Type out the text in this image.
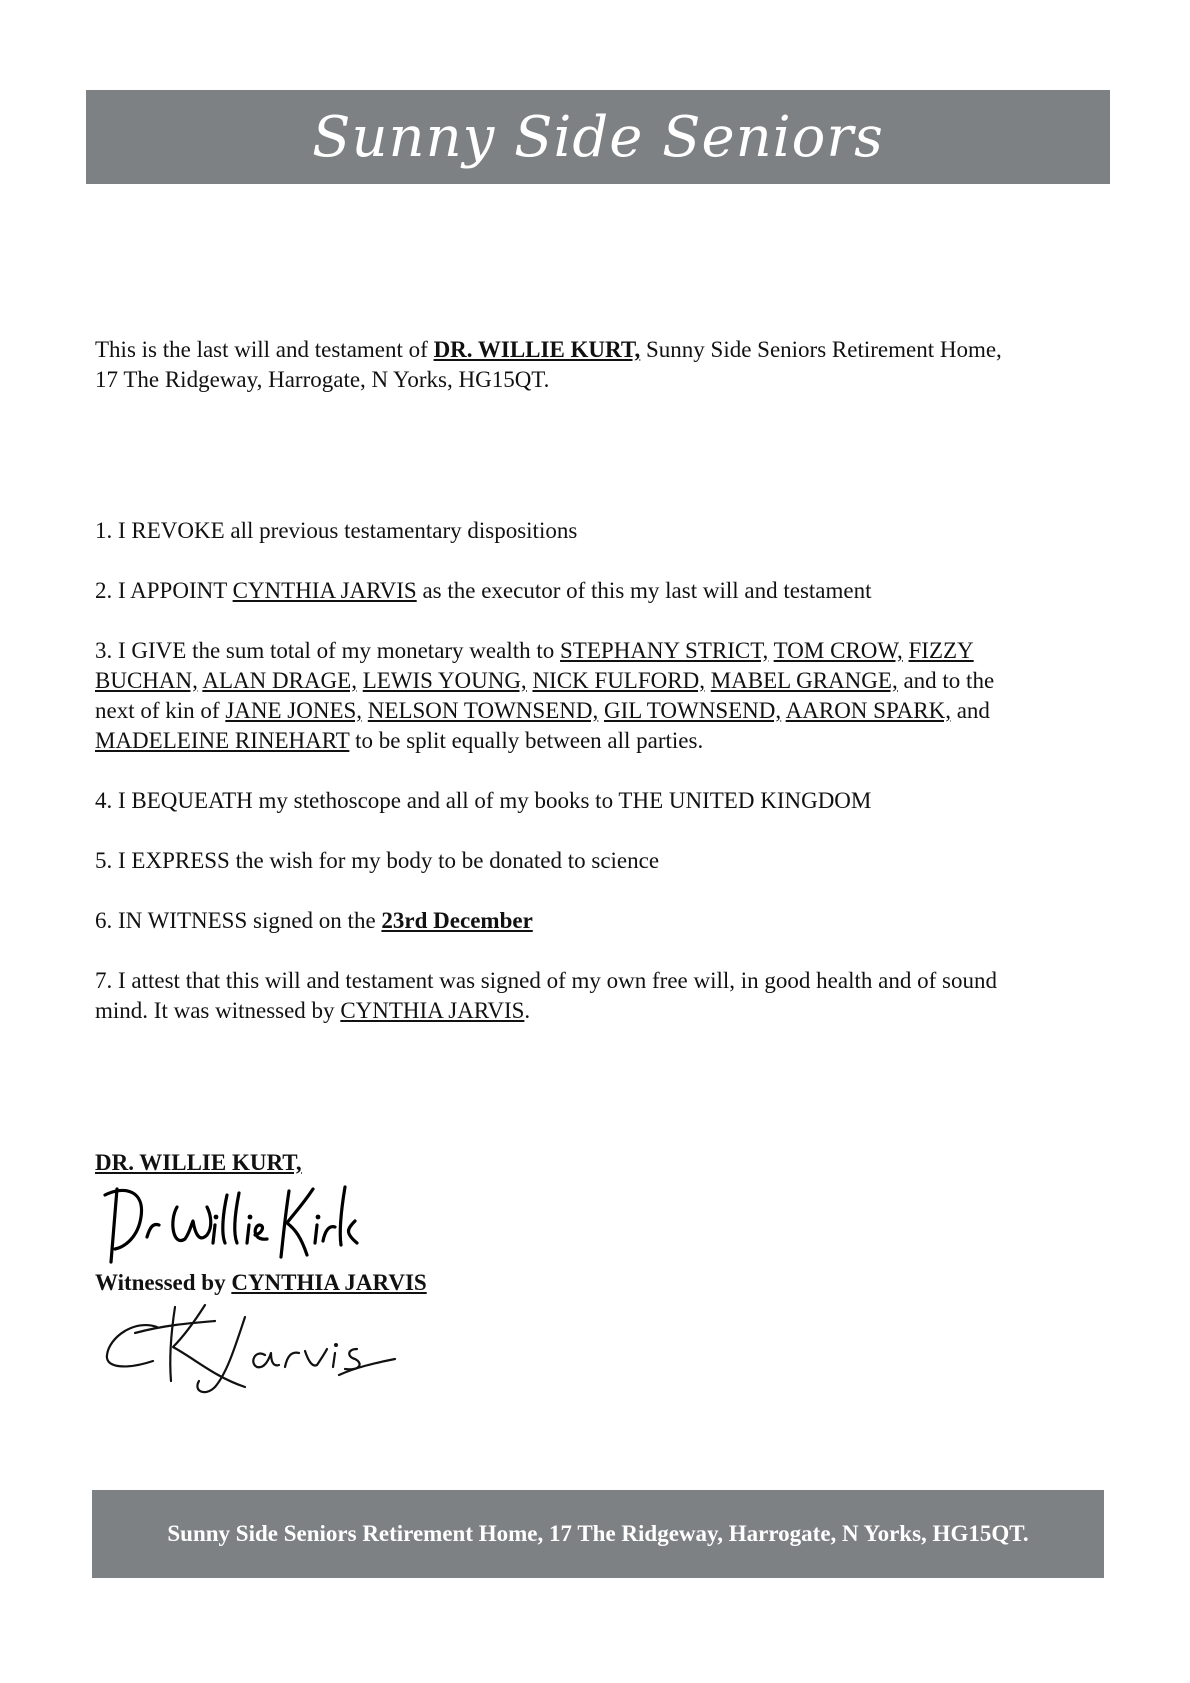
Sunny Side Seniors
This is the last will and testament of DR. WILLIE KURT, Sunny Side Seniors Retirement Home,
17 The Ridgeway, Harrogate, N Yorks, HG15QT.

1. I REVOKE all previous testamentary dispositions

2. I APPOINT CYNTHIA JARVIS as the executor of this my last will and testament

3. I GIVE the sum total of my monetary wealth to STEPHANY STRICT, TOM CROW, FIZZY
BUCHAN, ALAN DRAGE, LEWIS YOUNG, NICK FULFORD, MABEL GRANGE, and to the
next of kin of JANE JONES, NELSON TOWNSEND, GIL TOWNSEND, AARON SPARK, and
MADELEINE RINEHART to be split equally between all parties.

4. I BEQUEATH my stethoscope and all of my books to THE UNITED KINGDOM

5. I EXPRESS the wish for my body to be donated to science

6. IN WITNESS signed on the 23rd December

7. I attest that this will and testament was signed of my own free will, in good health and of sound
mind. It was witnessed by CYNTHIA JARVIS.

DR. WILLIE KURT,
Witnessed by CYNTHIA JARVIS
Sunny Side Seniors Retirement Home, 17 The Ridgeway, Harrogate, N Yorks, HG15QT.
